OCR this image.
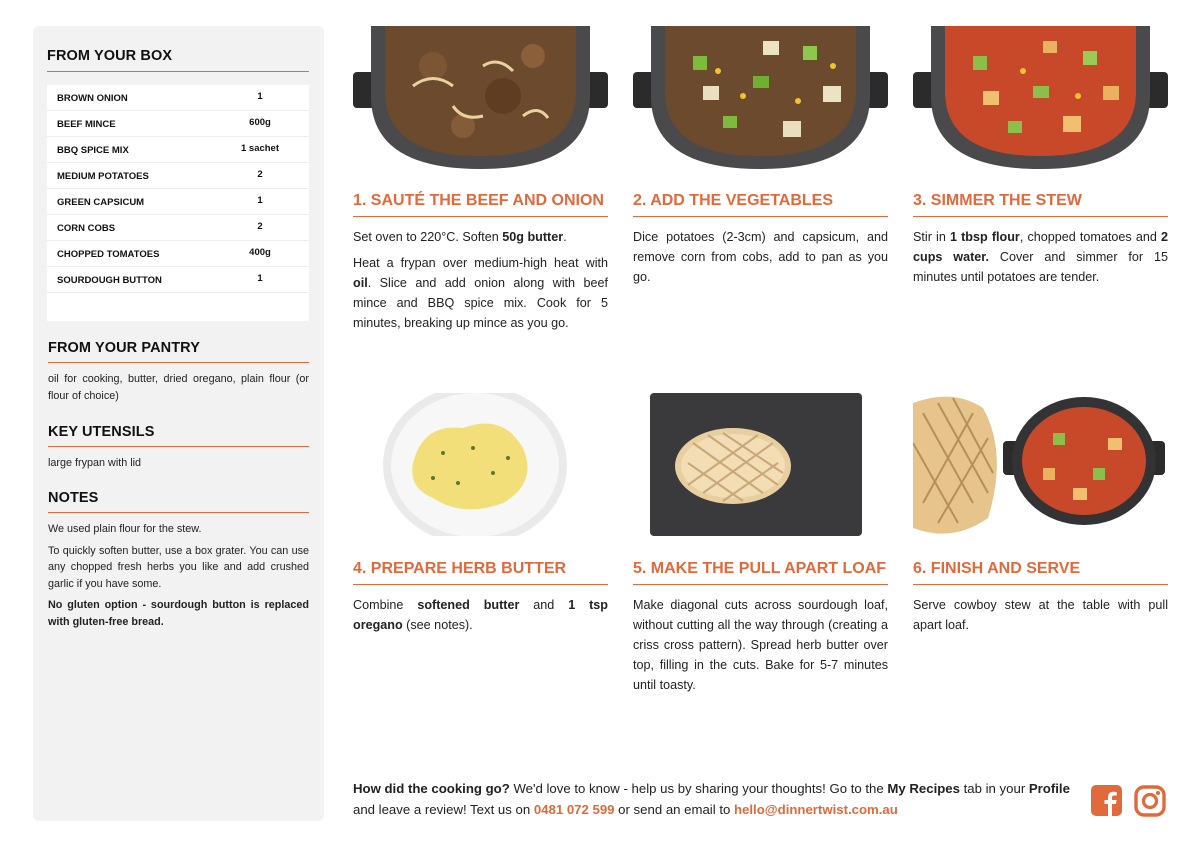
FROM YOUR BOX
BROWN ONION	1
BEEF MINCE	600g
BBQ SPICE MIX	1 sachet
MEDIUM POTATOES	2
GREEN CAPSICUM	1
CORN COBS	2
CHOPPED TOMATOES	400g
SOURDOUGH BUTTON	1
FROM YOUR PANTRY

oil for cooking, butter, dried oregano, plain flour (or flour of choice)

KEY UTENSILS

large frypan with lid

NOTES

We used plain flour for the stew.

To quickly soften butter, use a box grater. You can use any chopped fresh herbs you like and add crushed garlic if you have some.

No gluten option - sourdough button is replaced with gluten-free bread.

1. SAUTÉ THE BEEF AND ONION

Set oven to 220°C. Soften 50g butter.

Heat a frypan over medium-high heat with oil. Slice and add onion along with beef mince and BBQ spice mix. Cook for 5 minutes, breaking up mince as you go.

2. ADD THE VEGETABLES

Dice potatoes (2-3cm) and capsicum, and remove corn from cobs, add to pan as you go.

3. SIMMER THE STEW

Stir in 1 tbsp flour, chopped tomatoes and 2 cups water. Cover and simmer for 15 minutes until potatoes are tender.

4. PREPARE HERB BUTTER

Combine softened butter and 1 tsp oregano (see notes).

5. MAKE THE PULL APART LOAF

Make diagonal cuts across sourdough loaf, without cutting all the way through (creating a criss cross pattern). Spread herb butter over top, filling in the cuts. Bake for 5-7 minutes until toasty.

6. FINISH AND SERVE

Serve cowboy stew at the table with pull apart loaf.

How did the cooking go? We'd love to know - help us by sharing your thoughts! Go to the My Recipes tab in your Profile and leave a review! Text us on 0481 072 599 or send an email to hello@dinnertwist.com.au
